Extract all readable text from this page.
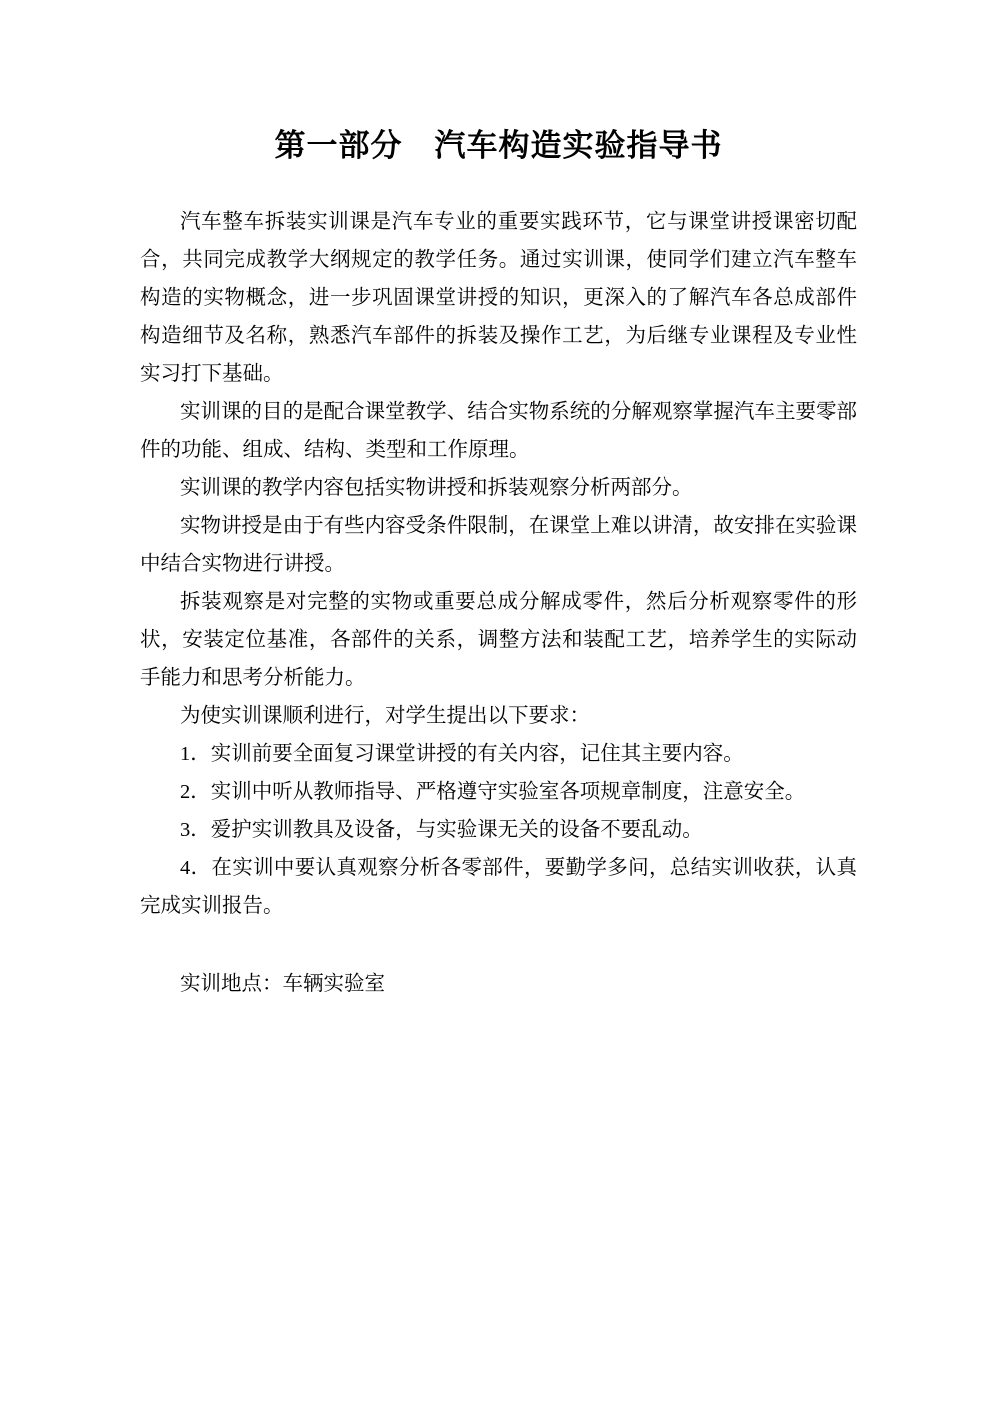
第一部分　汽车构造实验指导书

汽车整车拆装实训课是汽车专业的重要实践环节，它与课堂讲授课密切配合，共同完成教学大纲规定的教学任务。通过实训课，使同学们建立汽车整车构造的实物概念，进一步巩固课堂讲授的知识，更深入的了解汽车各总成部件构造细节及名称，熟悉汽车部件的拆装及操作工艺，为后继专业课程及专业性实习打下基础。

实训课的目的是配合课堂教学、结合实物系统的分解观察掌握汽车主要零部件的功能、组成、结构、类型和工作原理。

实训课的教学内容包括实物讲授和拆装观察分析两部分。

实物讲授是由于有些内容受条件限制，在课堂上难以讲清，故安排在实验课中结合实物进行讲授。

拆装观察是对完整的实物或重要总成分解成零件，然后分析观察零件的形状，安装定位基准，各部件的关系，调整方法和装配工艺，培养学生的实际动手能力和思考分析能力。

为使实训课顺利进行，对学生提出以下要求：

1．实训前要全面复习课堂讲授的有关内容，记住其主要内容。

2．实训中听从教师指导、严格遵守实验室各项规章制度，注意安全。

3．爱护实训教具及设备，与实验课无关的设备不要乱动。

4．在实训中要认真观察分析各零部件，要勤学多问，总结实训收获，认真完成实训报告。

实训地点：车辆实验室
